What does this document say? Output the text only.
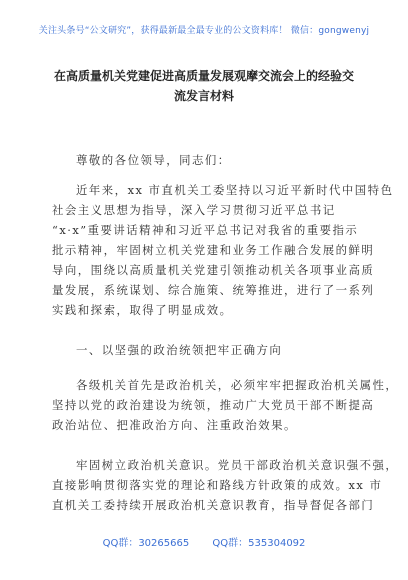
关注头条号“公文研究”，获得最新最全最专业的公文资料库！ 微信：gongwenyj
在高质量机关党建促进高质量发展观摩交流会上的经验交
流发言材料
尊敬的各位领导，同志们：
近年来，xx 市直机关工委坚持以习近平新时代中国特色
社会主义思想为指导，深入学习贯彻习近平总书记
“x·x”重要讲话精神和习近平总书记对我省的重要指示
批示精神，牢固树立机关党建和业务工作融合发展的鲜明
导向，围绕以高质量机关党建引领推动机关各项事业高质
量发展，系统谋划、综合施策、统筹推进，进行了一系列
实践和探索，取得了明显成效。
一、以坚强的政治统领把牢正确方向
各级机关首先是政治机关，必须牢牢把握政治机关属性，
坚持以党的政治建设为统领，推动广大党员干部不断提高
政治站位、把准政治方向、注重政治效果。
牢固树立政治机关意识。党员干部政治机关意识强不强，
直接影响贯彻落实党的理论和路线方针政策的成效。xx 市
直机关工委持续开展政治机关意识教育，指导督促各部门
QQ群：30265665 QQ群：535304092
